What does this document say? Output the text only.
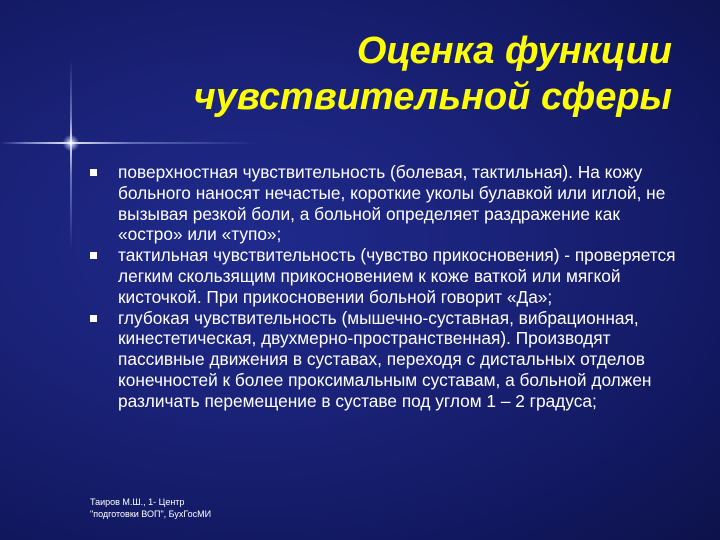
Оценка функции
чувствительной сферы

поверхностная чувствительность (болевая, тактильная). На кожу больного наносят нечастые, короткие уколы булавкой или иглой, не вызывая резкой боли, а больной определяет раздражение как «остро» или «тупо»;

тактильная чувствительность (чувство прикосновения) - проверяется легким скользящим прикосновением к коже ваткой или мягкой кисточкой. При прикосновении больной говорит «Да»;

глубокая чувствительность (мышечно-суставная, вибрационная, кинестетическая, двухмерно-пространственная). Производят пассивные движения в суставах, переходя с дистальных отделов конечностей к более проксимальным суставам, а больной должен различать перемещение в суставе под углом 1 – 2 градуса;

Таиров М.Ш., 1- Центр
"подготовки ВОП", БухГосМИ
